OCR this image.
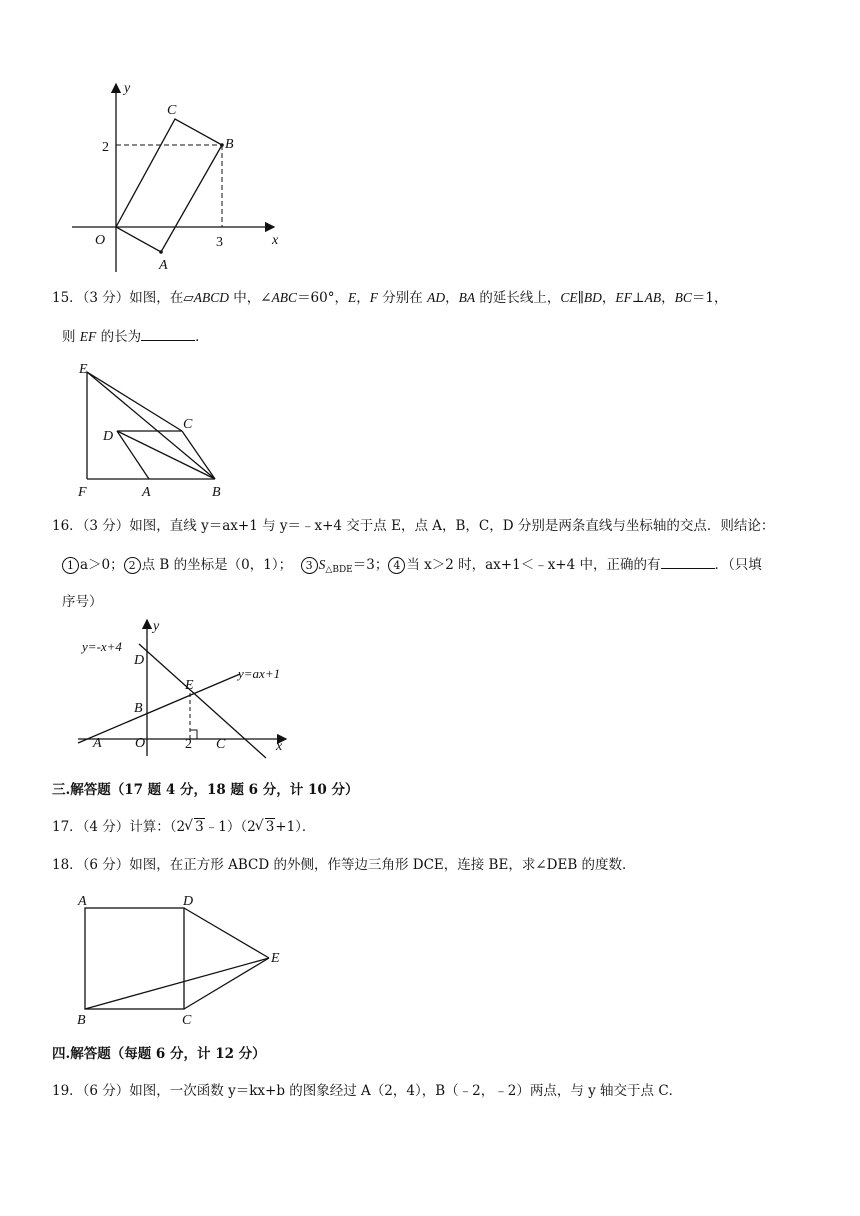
y
x
O
A
B
C
2
3
15．（3 分）如图，在▱ABCD 中，∠ABC＝60°，E，F 分别在 AD，BA 的延长线上，CE∥BD，EF⊥AB，BC＝1，
则 EF 的长为	．
E
D
C
F	A	B
16．（3 分）如图，直线 y＝ax+1 与 y＝﹣x+4 交于点 E，点 A，B，C，D 分别是两条直线与坐标轴的交点．则结论：
1 a＞0； 2 点 B 的坐标是（0，1）； 3 $S_{\triangle BDE}=3$； 4 当 x＞2 时，ax+1＜﹣x+4 中，正确的有	．（只填
序号）
y
y=-x+4
y=ax+1
D
E
B
A O	2 C	x
三.解答题（17 题 4 分，18 题 6 分，计 10 分）
17．（4 分）计算：（2 √ 3﹣1）（2 √ 3+1）．
18．（6 分）如图，在正方形 ABCD 的外侧，作等边三角形 DCE，连接 BE，求∠DEB 的度数．
A	D
E
B	C
四.解答题（每题 6 分，计 12 分）
19．（6 分）如图，一次函数 y＝kx+b 的图象经过 A（2，4），B（﹣2，﹣2）两点，与 y 轴交于点 C．
